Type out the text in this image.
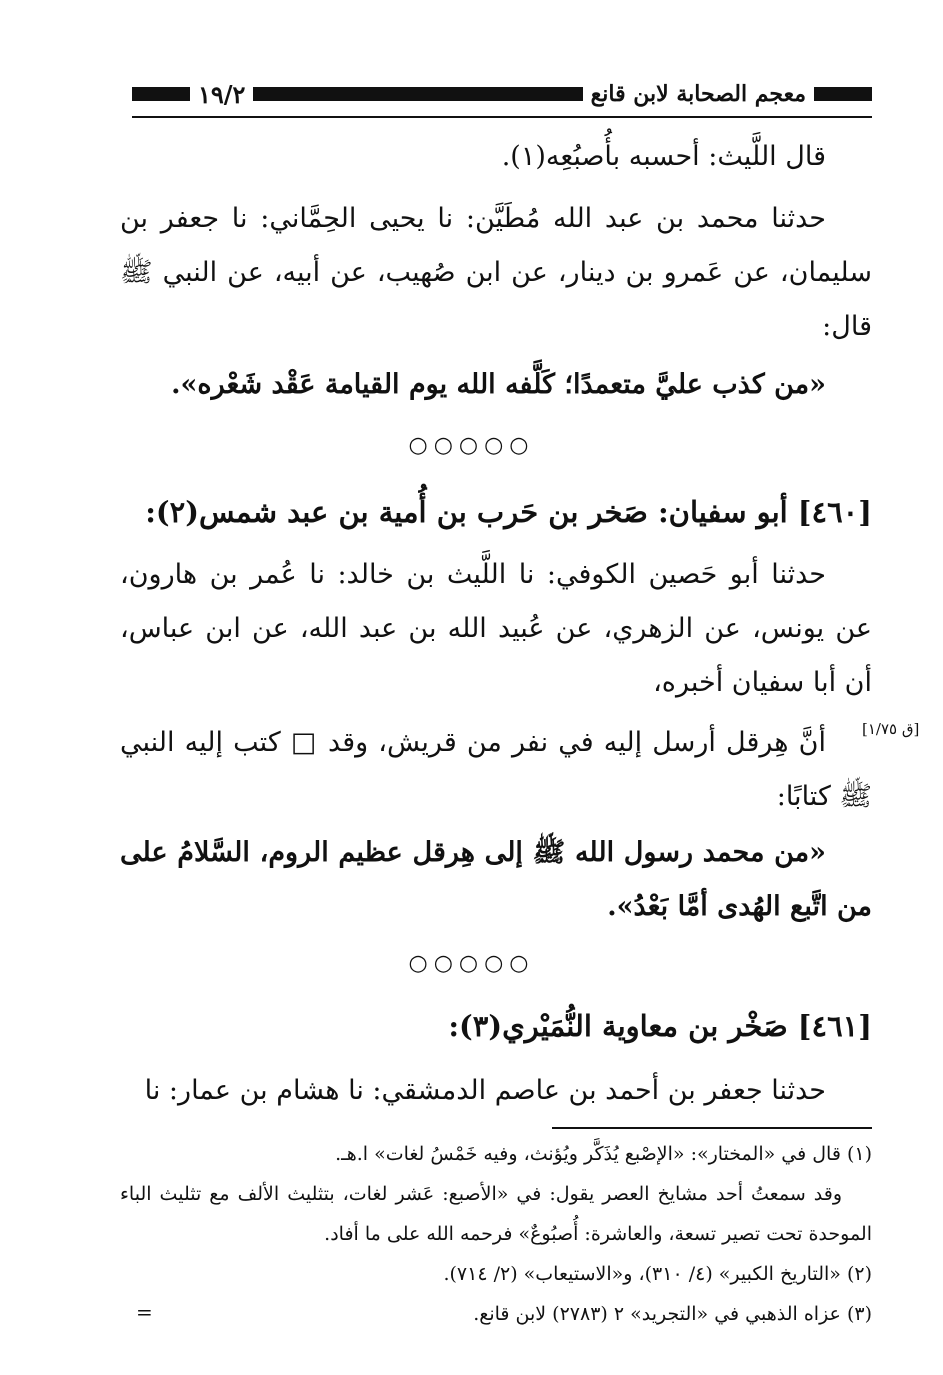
معجم الصحابة لابن قانع
١٩/٢
قال اللَّيث: أحسبه بأُصبُعِه(١).
حدثنا محمد بن عبد الله مُطَيَّن: نا يحيى الحِمَّاني: نا جعفر بن سليمان، عن عَمرو بن دينار، عن ابن صُهيب، عن أبيه، عن النبي ﷺ قال:
«من كذب عليَّ متعمدًا؛ كَلَّفه الله يوم القيامة عَقْد شَعْره».
○○○○○
[٤٦٠] أبو سفيان: صَخر بن حَرب بن أُمية بن عبد شمس(٢):
حدثنا أبو حَصين الكوفي: نا اللَّيث بن خالد: نا عُمر بن هارون، عن يونس، عن الزهري، عن عُبيد الله بن عبد الله، عن ابن عباس، أن أبا سفيان أخبره،
[ق ١/٧٥]
أنَّ هِرقل أرسل إليه في نفر من قريش، وقد □ كتب إليه النبي ﷺ كتابًا:
«من محمد رسول الله ﷺ إلى هِرقل عظيم الروم، السَّلامُ على من اتَّبع الهُدى أمَّا بَعْدُ».
○○○○○
[٤٦١] صَخْر بن معاوية النُّمَيْري(٣):
حدثنا جعفر بن أحمد بن عاصم الدمشقي: نا هشام بن عمار: نا

(١) قال في «المختار»: «الإصْبع يُذَكَّر ويُؤنث، وفيه خَمْسُ لغات» ا.هـ.

وقد سمعتُ أحد مشايخ العصر يقول: في «الأصبع: عَشر لغات، بتثليث الألف مع تثليث الباء الموحدة تحت تصير تسعة، والعاشرة: أُصبُوعٌ» فرحمه الله على ما أفاد.

(٢) «التاريخ الكبير» (٤/ ٣١٠)، و«الاستيعاب» (٢/ ٧١٤).

(٣) عزاه الذهبي في «التجريد» ٢ (٢٧٨٣) لابن قانع.

=
